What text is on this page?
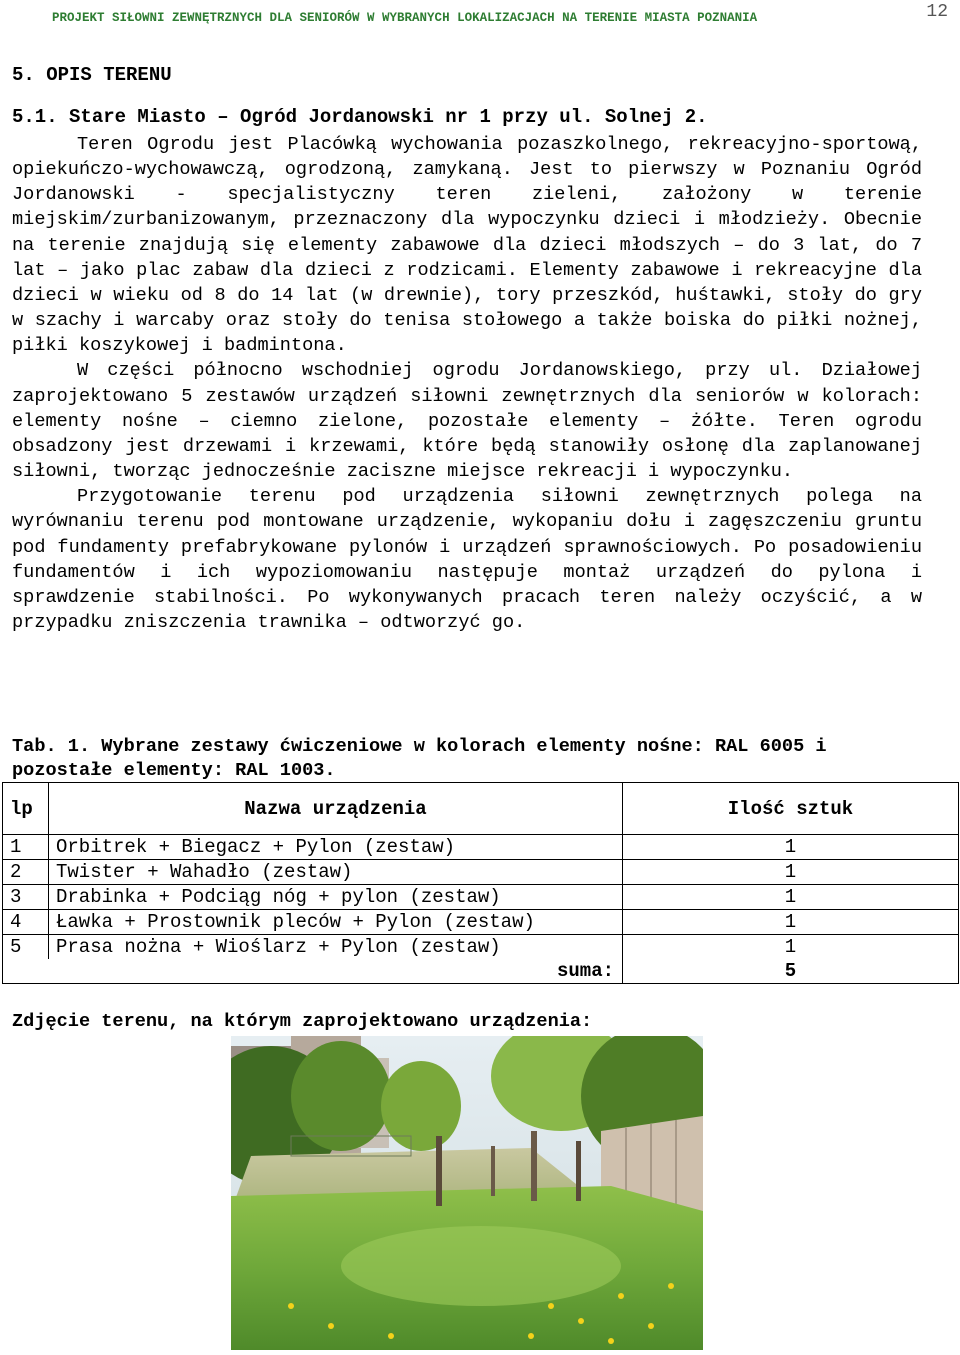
PROJEKT SIŁOWNI ZEWNĘTRZNYCH DLA SENIORÓW W WYBRANYCH LOKALIZACJACH NA TERENIE MIASTA POZNANIA	12
5. OPIS TERENU
5.1. Stare Miasto – Ogród Jordanowski nr 1 przy ul. Solnej 2.

Teren Ogrodu jest Placówką wychowania pozaszkolnego, rekreacyjno-sportową, opiekuńczo-wychowawczą, ogrodzoną, zamykaną. Jest to pierwszy w Poznaniu Ogród Jordanowski - specjalistyczny teren zieleni, założony w terenie miejskim/zurbanizowanym, przeznaczony dla wypoczynku dzieci i młodzieży. Obecnie na terenie znajdują się elementy zabawowe dla dzieci młodszych – do 3 lat, do 7 lat – jako plac zabaw dla dzieci z rodzicami. Elementy zabawowe i rekreacyjne dla dzieci w wieku od 8 do 14 lat (w drewnie), tory przeszkód, huśtawki, stoły do gry w szachy i warcaby oraz stoły do tenisa stołowego a także boiska do piłki nożnej, piłki koszykowej i badmintona.

W części północno wschodniej ogrodu Jordanowskiego, przy ul. Działowej zaprojektowano 5 zestawów urządzeń siłowni zewnętrznych dla seniorów w kolorach: elementy nośne – ciemno zielone, pozostałe elementy – żółte. Teren ogrodu obsadzony jest drzewami i krzewami, które będą stanowiły osłonę dla zaplanowanej siłowni, tworząc jednocześnie zaciszne miejsce rekreacji i wypoczynku.

Przygotowanie terenu pod urządzenia siłowni zewnętrznych polega na wyrównaniu terenu pod montowane urządzenie, wykopaniu dołu i zagęszczeniu gruntu pod fundamenty prefabrykowane pylonów i urządzeń sprawnościowych. Po posadowieniu fundamentów i ich wypoziomowaniu następuje montaż urządzeń do pylona i sprawdzenie stabilności. Po wykonywanych pracach teren należy oczyścić, a w przypadku zniszczenia trawnika – odtworzyć go.

Tab. 1. Wybrane zestawy ćwiczeniowe w kolorach elementy nośne: RAL 6005 i pozostałe elementy: RAL 1003.
lp	Nazwa urządzenia	Ilość sztuk
1	Orbitrek + Biegacz + Pylon (zestaw)	1
2	Twister + Wahadło (zestaw)	1
3	Drabinka + Podciąg nóg + pylon (zestaw)	1
4	Ławka + Prostownik pleców + Pylon (zestaw)	1
5	Prasa nożna + Wioślarz + Pylon (zestaw)	1
	suma:	5
Zdjęcie terenu, na którym zaprojektowano urządzenia:
